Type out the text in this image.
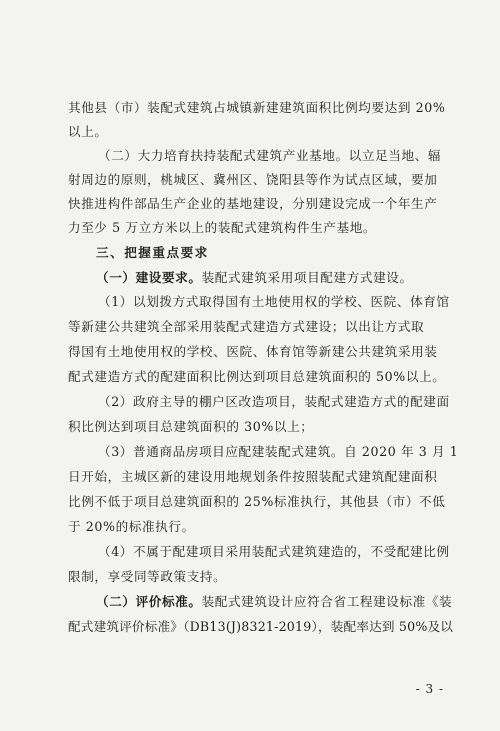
其他县（市）装配式建筑占城镇新建建筑面积比例均要达到 20%
以上。
（二）大力培育扶持装配式建筑产业基地。以立足当地、辐
射周边的原则，桃城区、冀州区、饶阳县等作为试点区域，要加
快推进构件部品生产企业的基地建设，分别建设完成一个年生产
力至少 5 万立方米以上的装配式建筑构件生产基地。
三、把握重点要求
（一）建设要求。装配式建筑采用项目配建方式建设。
（1）以划拨方式取得国有土地使用权的学校、医院、体育馆
等新建公共建筑全部采用装配式建造方式建设；以出让方式取
得国有土地使用权的学校、医院、体育馆等新建公共建筑采用装
配式建造方式的配建面积比例达到项目总建筑面积的 50%以上。
（2）政府主导的棚户区改造项目，装配式建造方式的配建面
积比例达到项目总建筑面积的 30%以上；
（3）普通商品房项目应配建装配式建筑。自 2020 年 3 月 1
日开始，主城区新的建设用地规划条件按照装配式建筑配建面积
比例不低于项目总建筑面积的 25%标准执行，其他县（市）不低
于 20%的标准执行。
（4）不属于配建项目采用装配式建筑建造的，不受配建比例
限制，享受同等政策支持。
（二）评价标准。装配式建筑设计应符合省工程建设标准《装
配式建筑评价标准》（DB13(J)8321-2019），装配率达到 50%及以
- 3 -
